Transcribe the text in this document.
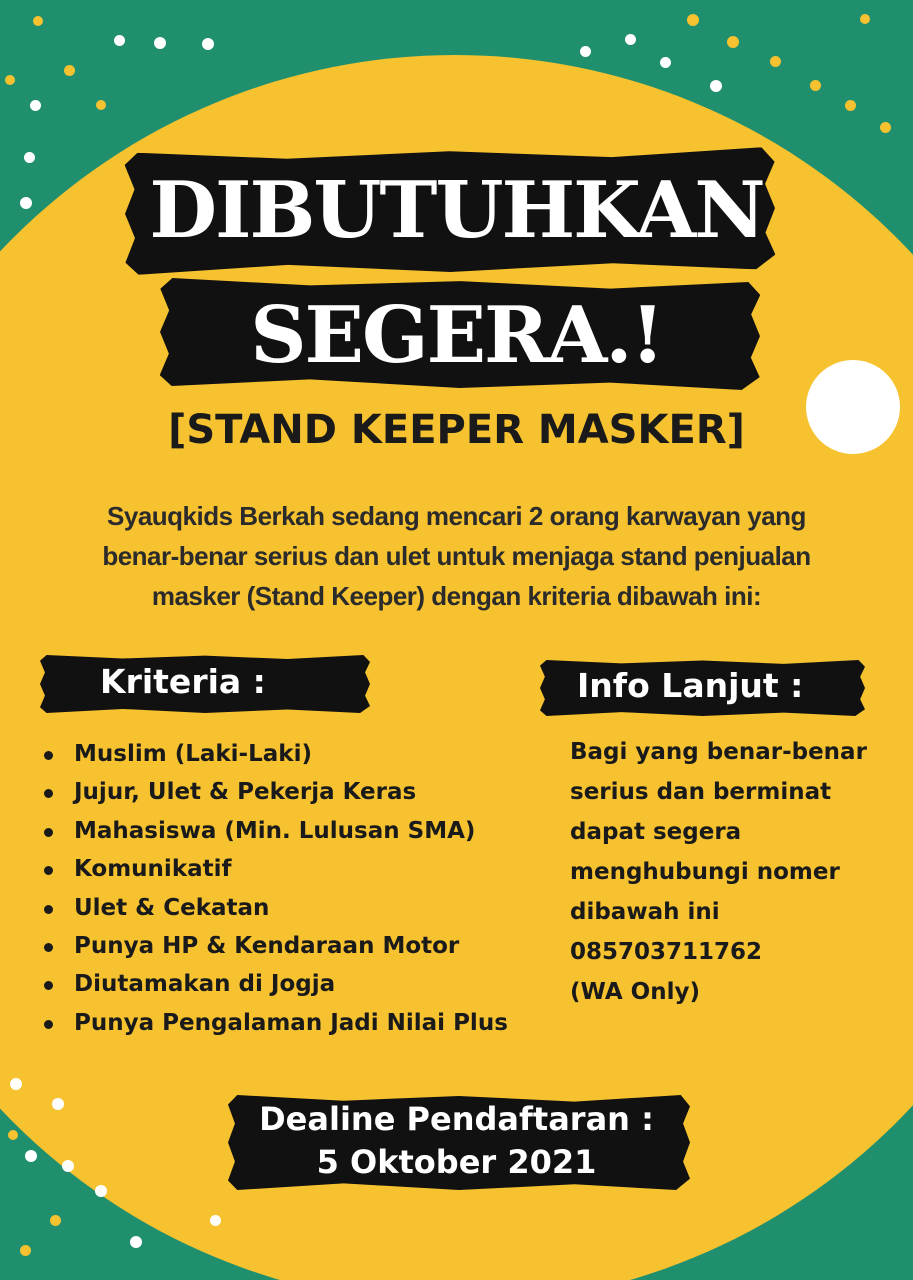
DIBUTUHKAN
SEGERA.!
[STAND KEEPER MASKER]

Syauqkids Berkah sedang mencari 2 orang karwayan yang
benar-benar serius dan ulet untuk menjaga stand penjualan
masker (Stand Keeper) dengan kriteria dibawah ini:

Kriteria :	Info Lanjut :
Muslim (Laki-Laki)
Jujur, Ulet & Pekerja Keras
Mahasiswa (Min. Lulusan SMA)
Komunikatif
Ulet & Cekatan
Punya HP & Kendaraan Motor
Diutamakan di Jogja
Punya Pengalaman Jadi Nilai Plus

Bagi yang benar-benar
serius dan berminat
dapat segera
menghubungi nomer
dibawah ini
085703711762
(WA Only)

Dealine Pendaftaran :

5 Oktober 2021
